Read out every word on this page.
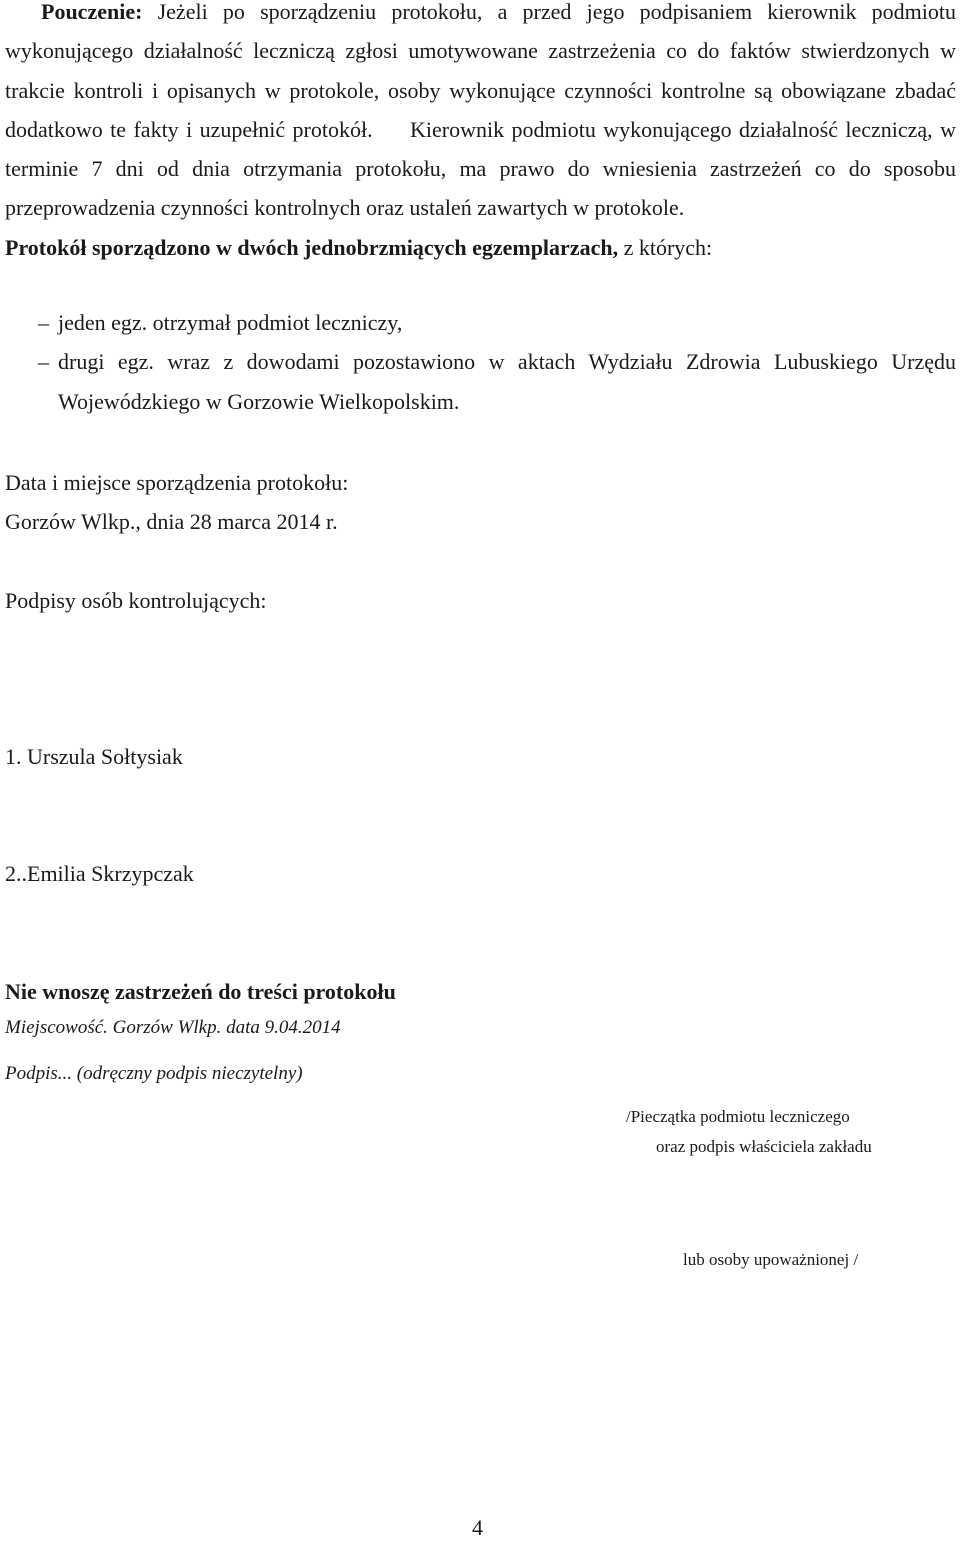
Pouczenie: Jeżeli po sporządzeniu protokołu, a przed jego podpisaniem kierownik podmiotu wykonującego działalność leczniczą zgłosi umotywowane zastrzeżenia co do faktów stwierdzonych w trakcie kontroli i opisanych w protokole, osoby wykonujące czynności kontrolne są obowiązane zbadać dodatkowo te fakty i uzupełnić protokół. Kierownik podmiotu wykonującego działalność leczniczą, w terminie 7 dni od dnia otrzymania protokołu, ma prawo do wniesienia zastrzeżeń co do sposobu przeprowadzenia czynności kontrolnych oraz ustaleń zawartych w protokole.
Protokół sporządzono w dwóch jednobrzmiących egzemplarzach, z których:

– jeden egz. otrzymał podmiot leczniczy,
– drugi egz. wraz z dowodami pozostawiono w aktach Wydziału Zdrowia Lubuskiego Urzędu Wojewódzkiego w Gorzowie Wielkopolskim.

Data i miejsce sporządzenia protokołu:

Gorzów Wlkp., dnia 28 marca 2014 r.

Podpisy osób kontrolujących:

1. Urszula Sołtysiak

2..Emilia Skrzypczak

Nie wnoszę zastrzeżeń do treści protokołu

Miejscowość. Gorzów Wlkp. data 9.04.2014

Podpis... (odręczny podpis nieczytelny)

/Pieczątka podmiotu leczniczego

oraz podpis właściciela zakładu

lub osoby upoważnionej /

4
